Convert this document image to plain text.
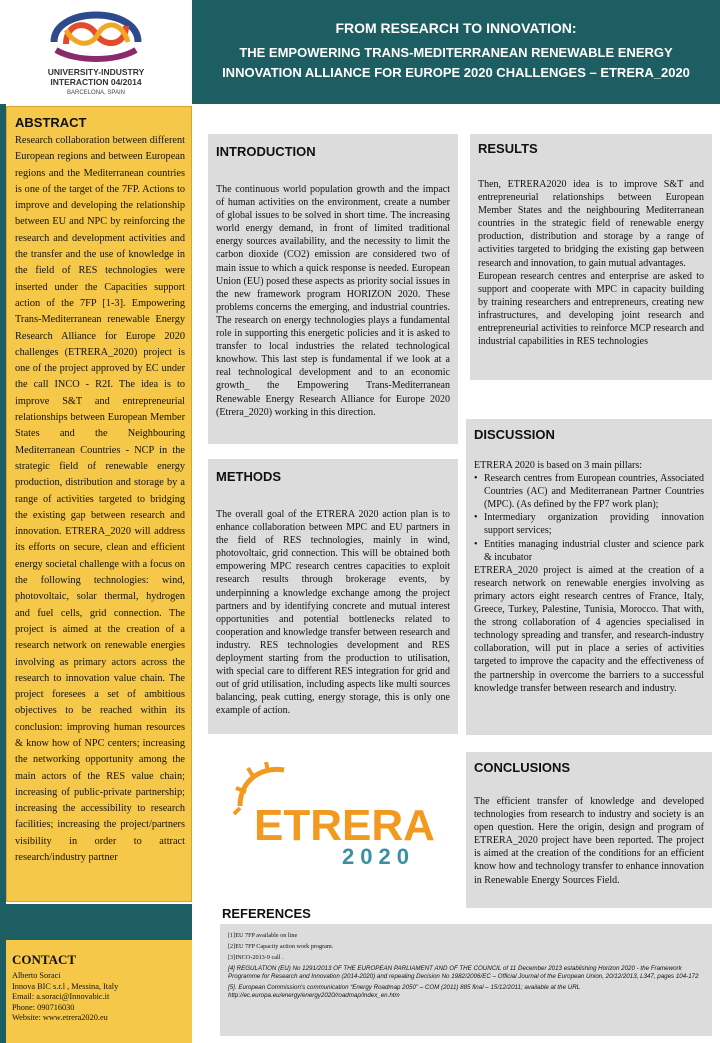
UNIVERSITY-INDUSTRY
INTERACTION 04/2014
BARCELONA, SPAIN
FROM RESEARCH TO INNOVATION:
THE EMPOWERING TRANS-MEDITERRANEAN RENEWABLE ENERGY INNOVATION ALLIANCE FOR EUROPE 2020 CHALLENGES – ETRERA_2020
ABSTRACT

Research collaboration between different European regions and between European regions and the Mediterranean countries is one of the target of the 7FP. Actions to improve and developing the relationship between EU and NPC by reinforcing the research and development activities and the transfer and the use of knowledge in the field of RES technologies were inserted under the Capacities support action of the 7FP [1-3]. Empowering Trans-Mediterranean renewable Energy Research Alliance for Europe 2020 challenges (ETRERA_2020) project is one of the project approved by EC under the call INCO - R2I. The idea is to improve S&T and entrepreneurial relationships between European Member States and the Neighbouring Mediterranean Countries - NCP in the strategic field of renewable energy production, distribution and storage by a range of activities targeted to bridging the existing gap between research and innovation. ETRERA_2020 will address its efforts on secure, clean and efficient energy societal challenge with a focus on the following technologies: wind, photovoltaic, solar thermal, hydrogen and fuel cells, grid connection. The project is aimed at the creation of a research network on renewable energies involving as primary actors across the research to innovation value chain. The project foresees a set of ambitious objectives to be reached within its conclusion: improving human resources & know how of NPC centers; increasing the networking opportunity among the main actors of the RES value chain; increasing of public-private partnership; increasing the accessibility to research facilities; increasing the project/partners visibility in order to attract research/industry partner

CONTACT
Alberto Soraci
Innova BIC s.r.l , Messina, Italy
Email: a.soraci@Innovabic.it
Phone: 090716030
Website: www.etrera2020.eu
INTRODUCTION

The continuous world population growth and the impact of human activities on the environment, create a number of global issues to be solved in short time. The increasing world energy demand, in front of limited traditional energy sources availability, and the necessity to limit the carbon dioxide (CO2) emission are considered two of main issue to which a quick response is needed. European Union (EU) posed these aspects as priority social issues in the new framework program HORIZON 2020. These problems concerns the emerging, and industrial countries. The research on energy technologies plays a fundamental role in supporting this energetic policies and it is asked to transfer to local industries the related technological knowhow. This last step is fundamental if we look at a real technological development and to an economic growth_ the Empowering Trans-Mediterranean Renewable Energy Research Alliance for Europe 2020 (Etrera_2020) working in this direction.

METHODS

The overall goal of the ETRERA 2020 action plan is to enhance collaboration between MPC and EU partners in the field of RES technologies, mainly in wind, photovoltaic, grid connection. This will be obtained both empowering MPC research centres capacities to exploit research results through brokerage events, by underpinning a knowledge exchange among the project partners and by identifying concrete and mutual interest opportunities and potential bottlenecks related to cooperation and knowledge transfer between research and industry. RES technologies development and RES deployment starting from the production to utilisation, with special care to different RES integration for grid and out of grid utilisation, including aspects like multi sources balancing, peak cutting, energy storage, this is only one example of action.

RESULTS

Then, ETRERA2020 idea is to improve S&T and entrepreneurial relationships between European Member States and the neighbouring Mediterranean countries in the strategic field of renewable energy production, distribution and storage by a range of activities targeted to bridging the existing gap between research and innovation, to gain mutual advantages.

European research centres and enterprise are asked to support and cooperate with MPC in capacity building by training researchers and entrepreneurs, creating new infrastructures, and developing joint research and entrepreneurial activities to reinforce MCP research and industrial capabilities in RES technologies

DISCUSSION

ETRERA 2020 is based on 3 main pillars:

• Research centres from European countries, Associated Countries (AC) and Mediterranean Partner Countries (MPC). (As defined by the FP7 work plan);
• Intermediary organization providing innovation support services;
• Entities managing industrial cluster and science park & incubator

ETRERA_2020 project is aimed at the creation of a research network on renewable energies involving as primary actors eight research centres of France, Italy, Greece, Turkey, Palestine, Tunisia, Morocco. That with, the strong collaboration of 4 agencies specialised in technology spreading and transfer, and research-industry collaboration, will put in place a series of activities targeted to improve the capacity and the effectiveness of the partnership in overcome the barriers to a successful knowledge transfer between research and industry.

ETRERA
2020
CONCLUSIONS

The efficient transfer of knowledge and developed technologies from research to industry and society is an open question. Here the origin, design and program of ETRERA_2020 project have been reported. The project is aimed at the creation of the conditions for an efficient know how and technology transfer to enhance innovation in Renewable Energy Sources Field.

REFERENCES
[1]EU 7FP available on line
[2]EU 7FP Capacity action work program.
[3]INCO-2013-9 call .
[4] REGULATION (EU) No 1291/2013 OF THE EUROPEAN PARLIAMENT AND OF THE COUNCIL of 11 December 2013 establishing Horizon 2020 - the Framework Programme for Research and Innovation (2014-2020) and repealing Decision No 1982/2006/EC – Official Journal of the European Union, 20/12/2013, L347, pages 104-172
[5]. European Commission's communication “Energy Roadmap 2050” – COM (2011) 885 final – 15/12/2011; available at the URL http://ec.europa.eu/energy/energy2020/roadmap/index_en.htm
